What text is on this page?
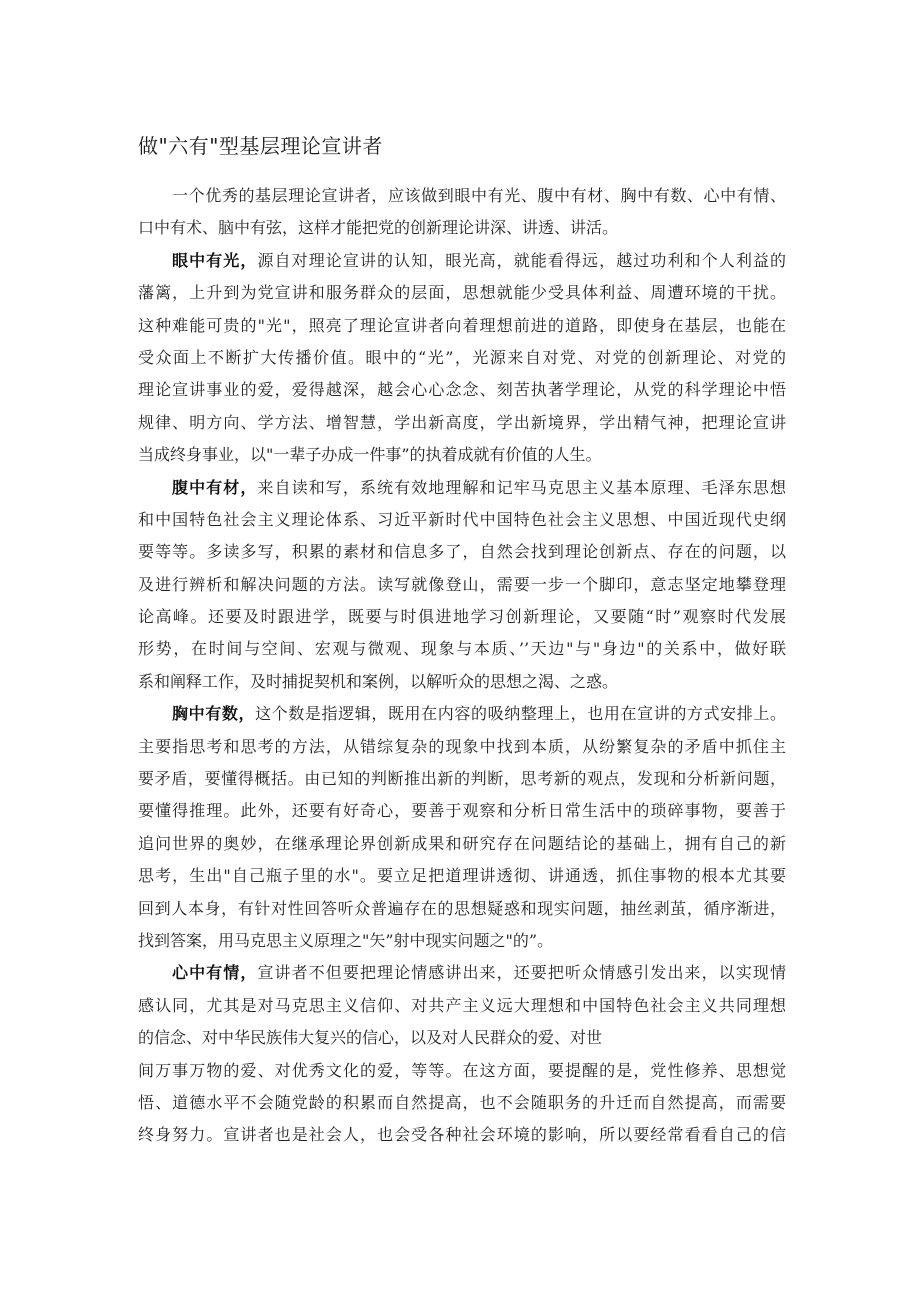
做"六有"型基层理论宣讲者
一个优秀的基层理论宣讲者，应该做到眼中有光、腹中有材、胸中有数、心中有情、
口中有术、脑中有弦，这样才能把党的创新理论讲深、讲透、讲活。
眼中有光，源自对理论宣讲的认知，眼光高，就能看得远，越过功利和个人利益的
藩篱，上升到为党宣讲和服务群众的层面，思想就能少受具体利益、周遭环境的干扰。
这种难能可贵的"光"，照亮了理论宣讲者向着理想前进的道路，即使身在基层，也能在
受众面上不断扩大传播价值。眼中的“光”，光源来自对党、对党的创新理论、对党的
理论宣讲事业的爱，爱得越深，越会心心念念、刻苦执著学理论，从党的科学理论中悟
规律、明方向、学方法、增智慧，学出新高度，学出新境界，学出精气神，把理论宣讲
当成终身事业，以"一辈子办成一件事”的执着成就有价值的人生。
腹中有材，来自读和写，系统有效地理解和记牢马克思主义基本原理、毛泽东思想
和中国特色社会主义理论体系、习近平新时代中国特色社会主义思想、中国近现代史纲
要等等。多读多写，积累的素材和信息多了，自然会找到理论创新点、存在的问题，以
及进行辨析和解决问题的方法。读写就像登山，需要一步一个脚印，意志坚定地攀登理
论高峰。还要及时跟进学，既要与时俱进地学习创新理论，又要随“时”观察时代发展
形势，在时间与空间、宏观与微观、现象与本质、’’天边"与"身边"的关系中，做好联
系和阐释工作，及时捕捉契机和案例，以解听众的思想之渴、之惑。
胸中有数，这个数是指逻辑，既用在内容的吸纳整理上，也用在宣讲的方式安排上。
主要指思考和思考的方法，从错综复杂的现象中找到本质，从纷繁复杂的矛盾中抓住主
要矛盾，要懂得概括。由已知的判断推出新的判断，思考新的观点，发现和分析新问题，
要懂得推理。此外，还要有好奇心，要善于观察和分析日常生活中的琐碎事物，要善于
追问世界的奥妙，在继承理论界创新成果和研究存在问题结论的基础上，拥有自己的新
思考，生出"自己瓶子里的水"。要立足把道理讲透彻、讲通透，抓住事物的根本尤其要
回到人本身，有针对性回答听众普遍存在的思想疑惑和现实问题，抽丝剥茧，循序渐进，
找到答案，用马克思主义原理之"矢”射中现实问题之"的”。
心中有情，宣讲者不但要把理论情感讲出来，还要把听众情感引发出来，以实现情
感认同，尤其是对马克思主义信仰、对共产主义远大理想和中国特色社会主义共同理想
的信念、对中华民族伟大复兴的信心，以及对人民群众的爱、对世
间万事万物的爱、对优秀文化的爱，等等。在这方面，要提醒的是，党性修养、思想觉
悟、道德水平不会随党龄的积累而自然提高，也不会随职务的升迁而自然提高，而需要
终身努力。宣讲者也是社会人，也会受各种社会环境的影响，所以要经常看看自己的信
